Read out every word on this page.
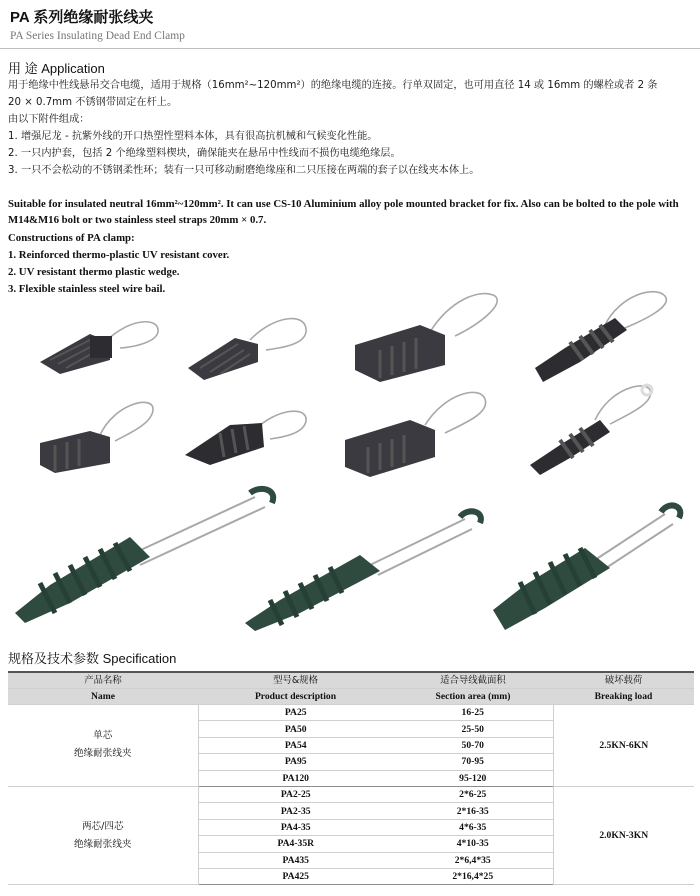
PA 系列绝缘耐张线夹
PA Series Insulating Dead End Clamp
用 途 Application
用于绝缘中性线悬吊交合电缆，适用于规格（16mm²~120mm²）的绝缘电缆的连接。行单双固定，也可用直径 14 或 16mm 的螺栓或者 2 条
20 × 0.7mm 不锈钢带固定在杆上。
由以下附件组成：
1. 增强尼龙 - 抗紫外线的开口热塑性塑料本体，具有很高抗机械和气候变化性能。
2. 一只内护套，包括 2 个绝缘塑料楔块，确保能夹在悬吊中性线而不损伤电缆绝缘层。
3. 一只不会松动的不锈钢柔性环；装有一只可移动耐磨绝缘座和二只压接在两端的套子以在线夹本体上。
Suitable for insulated neutral 16mm²~120mm². It can use CS-10 Aluminium alloy pole mounted bracket for fix. Also can be bolted to the pole with
M14&M16 bolt or two stainless steel straps 20mm × 0.7.
Constructions of PA clamp:
1. Reinforced thermo-plastic UV resistant cover.
2. UV resistant thermo plastic wedge.
3. Flexible stainless steel wire bail.
规格及技术参数 Specification
产品名称	型号&规格	适合导线截面积	破坏载荷
Name	Product description	Section area (mm)	Breaking load

单芯
绝缘耐张线夹	PA25	16-25	2.5KN-6KN
	PA50	25-50	
	PA54	50-70	
	PA95	70-95	
	PA120	95-120	

两芯/四芯
绝缘耐张线夹	PA2-25	2*6-25	2.0KN-3KN
	PA2-35	2*16-35	
	PA4-35	4*6-35	
	PA4-35R	4*10-35	
	PA435	2*6,4*35	
	PA425	2*16,4*25	
